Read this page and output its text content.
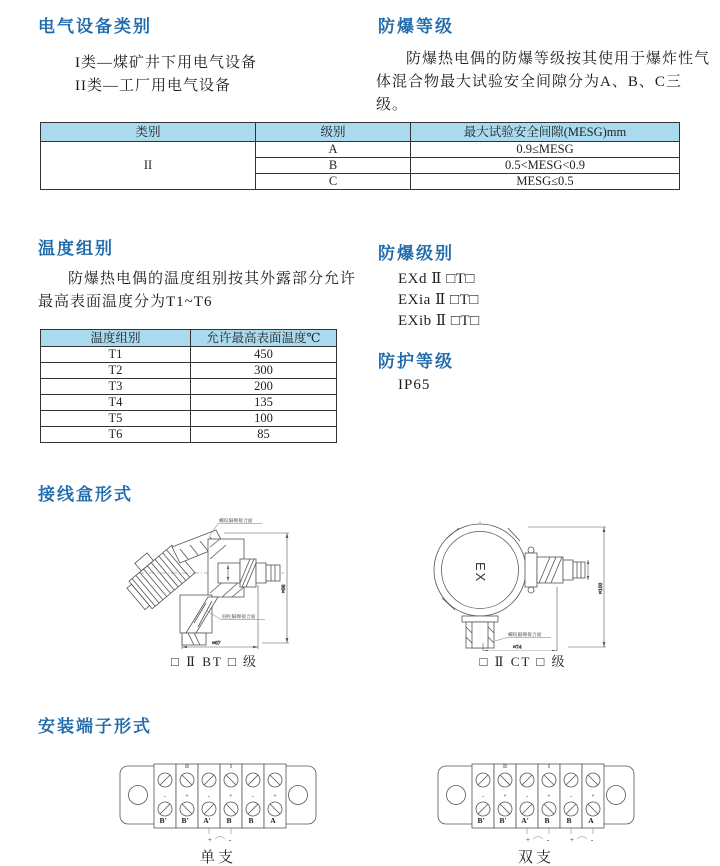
电气设备类别
I类—煤矿井下用电气设备
II类—工厂用电气设备
防爆等级
防爆热电偶的防爆等级按其使用于爆炸性气体混合物最大试验安全间隙分为A、B、C三级。
类别	级别	最大试验安全间隙(MESG)mm
II	A	0.9≤MESG
	B	0.5<MESG<0.9
	C	MESG≤0.5
温度组别
防爆热电偶的温度组别按其外露部分允许最高表面温度分为T1~T6
温度组别	允许最高表面温度℃
T1	450
T2	300
T3	200
T4	135
T5	100
T6	85
防爆级别
EXd Ⅱ □T□
EXia Ⅱ □T□
EXib Ⅱ □T□
防护等级
IP65
接线盒形式
≈98
≈67
螺纹隔爆接合面
圆柱隔爆接合面
□ Ⅱ BT □ 级
EX
≈74
≈100
螺纹隔爆接合面
□ Ⅱ CT □ 级
安装端子形式
-	+	-	+	-	+
II	I
B′ B′ A′ B B A
+ -
单支
-	+	-	+	-	+
II	I
B′ B′ A′ B B A
+ -	+ -
双支
